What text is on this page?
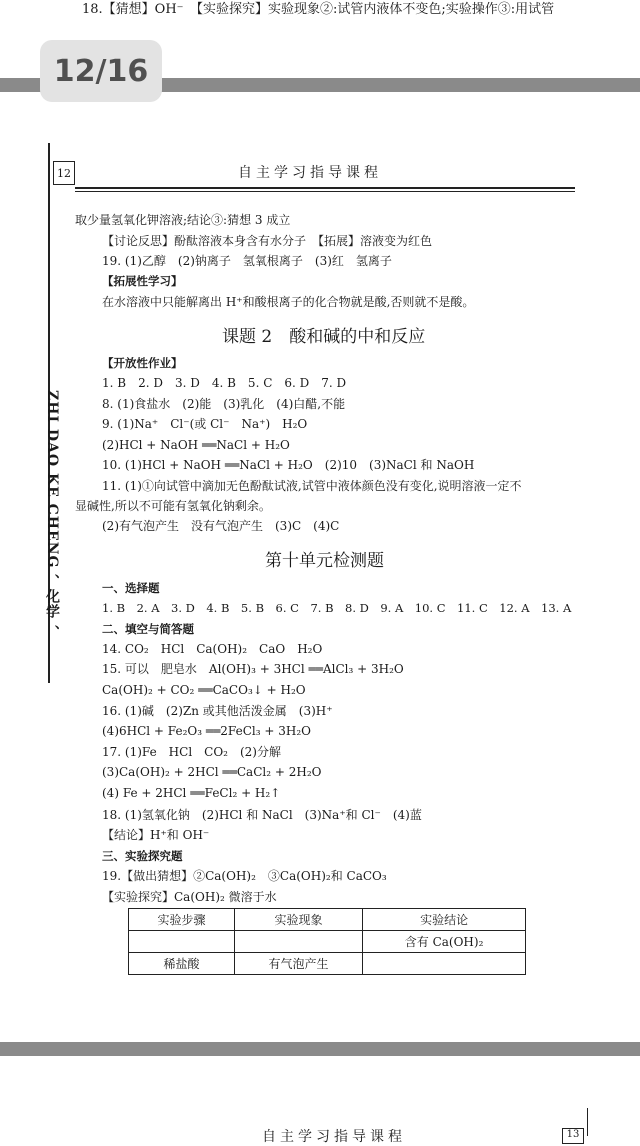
18.【猜想】OH⁻　【实验探究】实验现象②:试管内液体不变色;实验操作③:用试管
12/16
12	自主学习指导课程
ZHI DAO KE CHENG 、化学 、
取少量氢氧化钾溶液;结论③:猜想 3 成立
【讨论反思】酚酞溶液本身含有水分子　【拓展】溶液变为红色
19. (1)乙醇　(2)钠离子　氢氧根离子　(3)红　氢离子
【拓展性学习】
在水溶液中只能解离出 H⁺和酸根离子的化合物就是酸,否则就不是酸。
课题 2　酸和碱的中和反应
【开放性作业】
1. B　2. D　3. D　4. B　5. C　6. D　7. D
8. (1)食盐水　(2)能　(3)乳化　(4)白醋,不能
9. (1)Na⁺　Cl⁻(或 Cl⁻　Na⁺)　H₂O
(2)HCl + NaOH ══NaCl + H₂O
10. (1)HCl + NaOH ══NaCl + H₂O　(2)10　(3)NaCl 和 NaOH
11. (1)①向试管中滴加无色酚酞试液,试管中液体颜色没有变化,说明溶液一定不
显碱性,所以不可能有氢氧化钠剩余。
(2)有气泡产生　没有气泡产生　(3)C　(4)C
第十单元检测题
一、选择题
1. B　2. A　3. D　4. B　5. B　6. C　7. B　8. D　9. A　10. C　11. C　12. A　13. A
二、填空与简答题
14. CO₂　HCl　Ca(OH)₂　CaO　H₂O
15. 可以　肥皂水　Al(OH)₃ + 3HCl ══AlCl₃ + 3H₂O
Ca(OH)₂ + CO₂ ══CaCO₃↓ + H₂O
16. (1)碱　(2)Zn 或其他活泼金属　(3)H⁺
(4)6HCl + Fe₂O₃ ══2FeCl₃ + 3H₂O
17. (1)Fe　HCl　CO₂　(2)分解
(3)Ca(OH)₂ + 2HCl ══CaCl₂ + 2H₂O
(4) Fe + 2HCl ══FeCl₂ + H₂↑
18. (1)氢氧化钠　(2)HCl 和 NaCl　(3)Na⁺和 Cl⁻　(4)蓝
【结论】H⁺和 OH⁻
三、实验探究题
19.【做出猜想】②Ca(OH)₂　③Ca(OH)₂和 CaCO₃
【实验探究】Ca(OH)₂ 微溶于水
实验步骤	实验现象	实验结论
		含有 Ca(OH)₂
稀盐酸	有气泡产生	
自主学习指导课程	13
